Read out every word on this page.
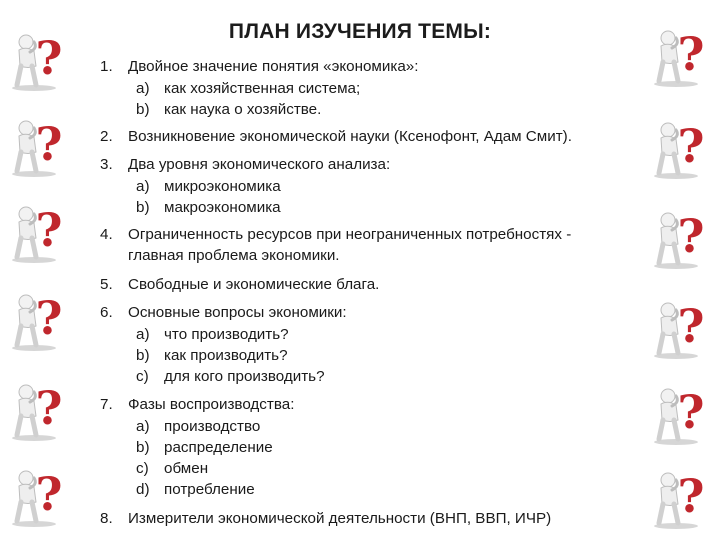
?
?
?
?
?
?
?
?
?
?
?
?
ПЛАН ИЗУЧЕНИЯ ТЕМЫ:
1.	Двойное значение понятия «экономика»:
a) как хозяйственная система;
b) как наука о хозяйстве.
2.	Возникновение экономической науки (Ксенофонт, Адам Смит).
3.	Два уровня экономического анализа:
a) микроэкономика
b) макроэкономика
4.	Ограниченность ресурсов при неограниченных потребностях -
главная проблема экономики.
5.	Свободные и экономические блага.
6.	Основные вопросы экономики:
a) что производить?
b) как производить?
c)	для кого производить?
7.	Фазы воспроизводства:
a) производство
b) распределение
c)	обмен
d) потребление
8.	Измерители экономической деятельности (ВНП, ВВП, ИЧР)
